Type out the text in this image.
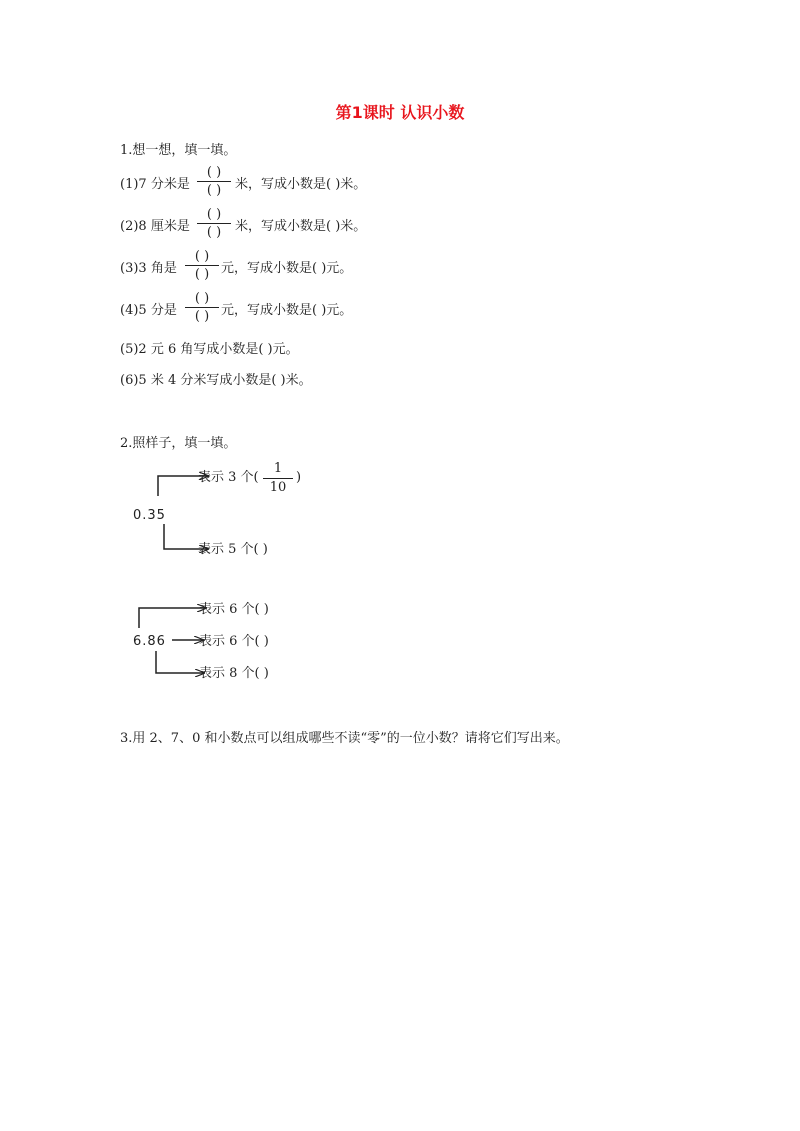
第1课时 认识小数
1.想一想，填一填。
(1)7 分米是
( )
( )	米，写成小数是( )米。
(2)8 厘米是
( )
( )	米，写成小数是( )米。
(3)3 角是
( )
( ) 元，写成小数是( )元。
(4)5 分是
( )
( ) 元，写成小数是( )元。
(5)2 元 6 角写成小数是( )元。
(6)5 米 4 分米写成小数是( )米。
2.照样子，填一填。
0.35
表示 3 个(
1
10
)
表示 5 个( )
6.86
表示 6 个( )
表示 6 个( )
表示 8 个( )
3.用 2、7、0 和小数点可以组成哪些不读“零”的一位小数？请将它们写出来。
